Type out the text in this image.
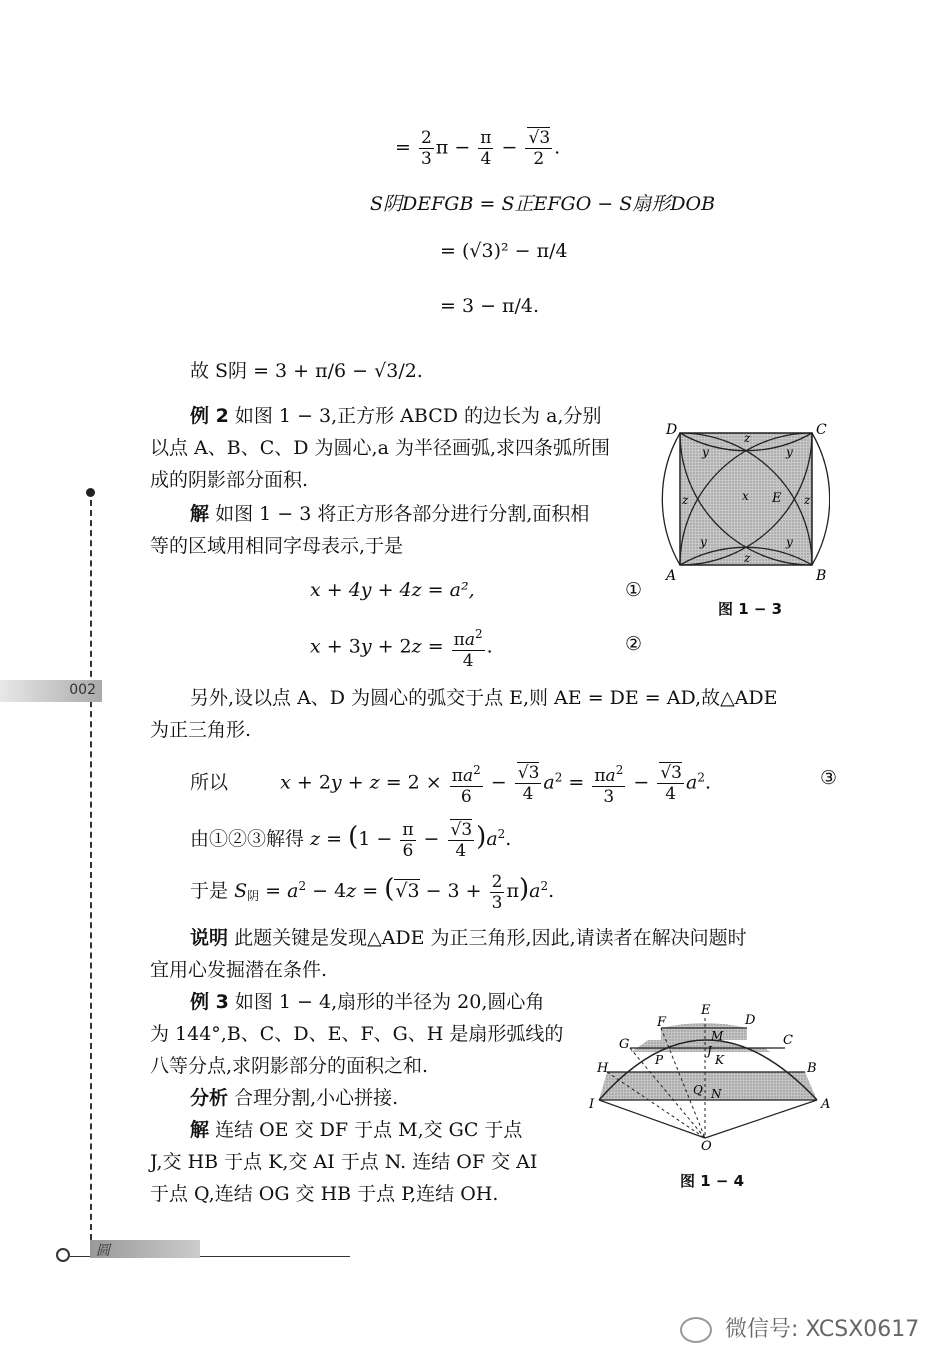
002
圆
= $\frac{2}{3}$ $\pi - \frac{\pi}{4} - \frac{√3}{2}$ .
S阴DEFGB = S正EFGO − S扇形DOB
= (√3)² − π/4
= 3 − π/4.
故 S阴 = 3 + π/6 − √3/2.
例 2 如图 1 − 3,正方形 ABCD 的边长为 a,分别
以点 A、B、C、D 为圆心,a 为半径画弧,求四条弧所围
成的阴影部分面积.
解 如图 1 − 3 将正方形各部分进行分割,面积相
等的区域用相同字母表示,于是
x + 4y + 4z = a²,	①
$x + 3y + 2z = \frac{\pi a^2}{4}$ .	②
D	C
A	B
E
x
y	y
y	y
z
z
z	z
图 1 − 3
另外,设以点 A、D 为圆心的弧交于点 E,则 AE = DE = AD,故△ADE
为正三角形.
所以	$x + 2y + z = 2 \times \frac{\pi a^2}{6} - \frac{√3}{4} a^2 = \frac{\pi a^2}{3} - \frac{√3}{4} a^2$.	③
由①②③解得 $z = (1 - \frac{\pi}{6} - \frac{√3}{4} )a^2$.
于是 $S_阴 = a^2 - 4z = (√3 - 3 + \frac{2}{3} \pi)a^2$.
说明 此题关键是发现△ADE 为正三角形,因此,请读者在解决问题时
宜用心发掘潜在条件.
例 3 如图 1 − 4,扇形的半径为 20,圆心角
为 144°,B、C、D、E、F、G、H 是扇形弧线的
八等分点,求阴影部分的面积之和.
分析 合理分割,小心拼接.
解 连结 OE 交 DF 于点 M,交 GC 于点
J,交 HB 于点 K,交 AI 于点 N. 连结 OF 交 AI
于点 Q,连结 OG 交 HB 于点 P,连结 OH.
E
F	D
G	C
H	B
I	A
M
J
K
P
Q N
O
图 1 − 4
微信号: XCSX0617
